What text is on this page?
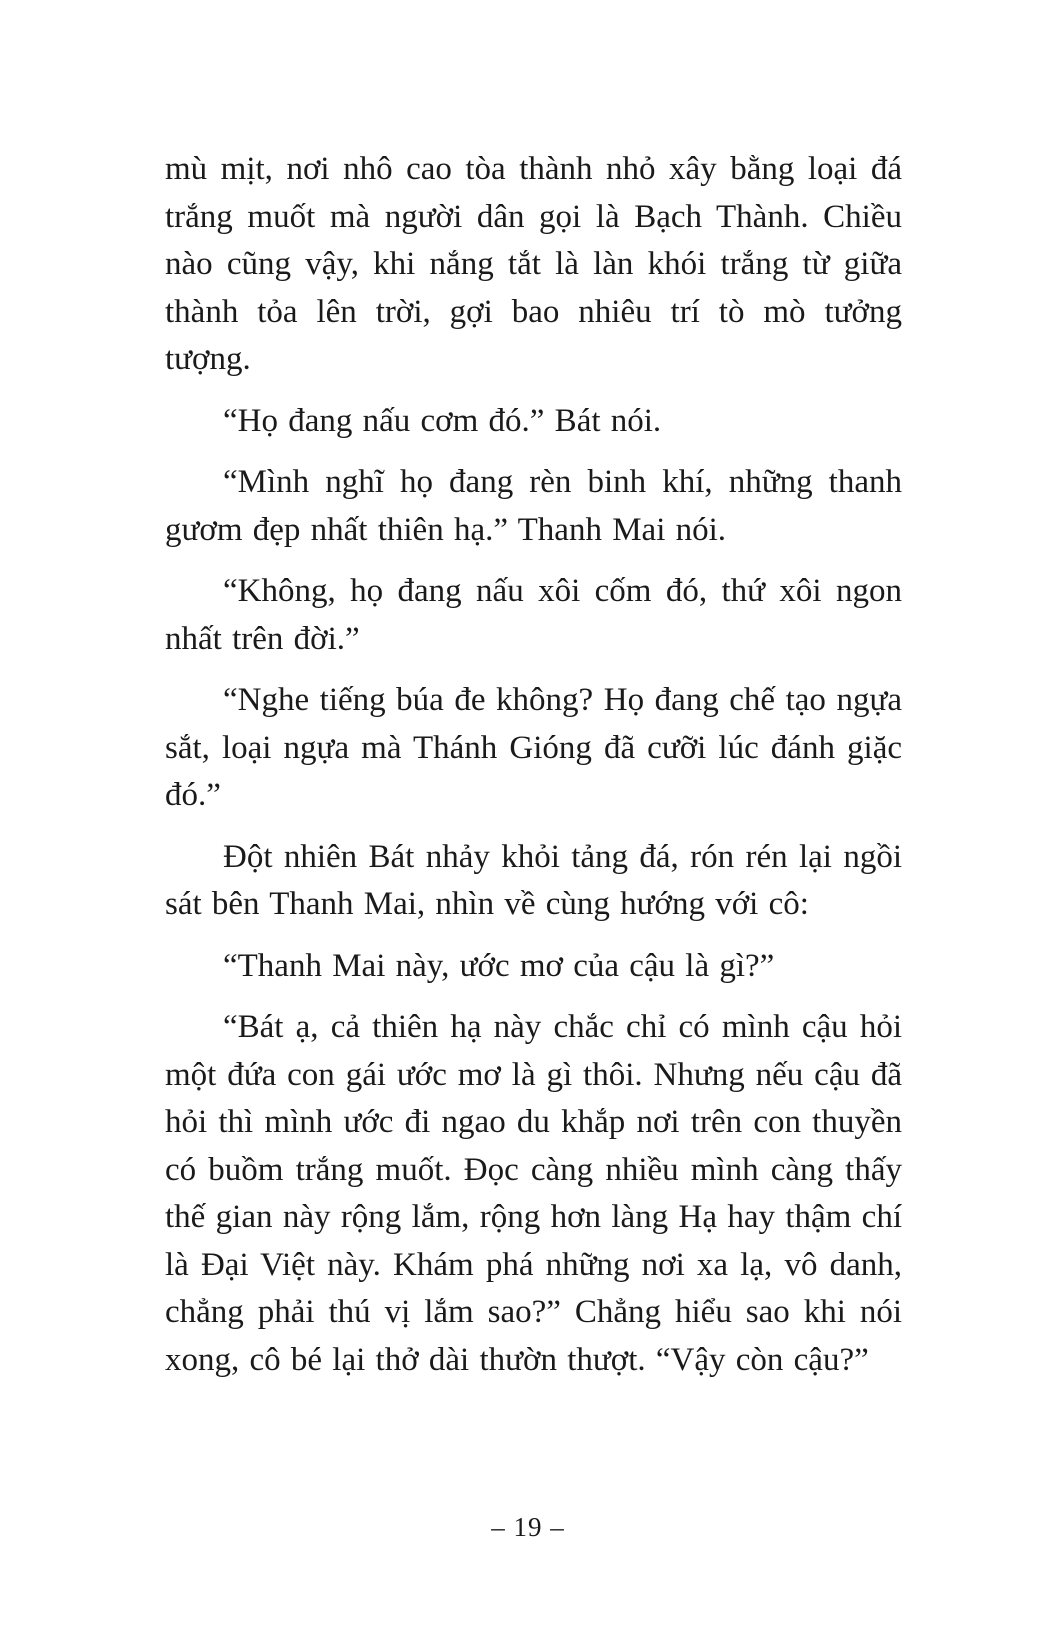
mù mịt, nơi nhô cao tòa thành nhỏ xây bằng loại đá trắng muốt mà người dân gọi là Bạch Thành. Chiều nào cũng vậy, khi nắng tắt là làn khói trắng từ giữa thành tỏa lên trời, gợi bao nhiêu trí tò mò tưởng tượng.

“Họ đang nấu cơm đó.” Bát nói.

“Mình nghĩ họ đang rèn binh khí, những thanh gươm đẹp nhất thiên hạ.” Thanh Mai nói.

“Không, họ đang nấu xôi cốm đó, thứ xôi ngon nhất trên đời.”

“Nghe tiếng búa đe không? Họ đang chế tạo ngựa sắt, loại ngựa mà Thánh Gióng đã cưỡi lúc đánh giặc đó.”

Đột nhiên Bát nhảy khỏi tảng đá, rón rén lại ngồi sát bên Thanh Mai, nhìn về cùng hướng với cô:

“Thanh Mai này, ước mơ của cậu là gì?”

“Bát ạ, cả thiên hạ này chắc chỉ có mình cậu hỏi một đứa con gái ước mơ là gì thôi. Nhưng nếu cậu đã hỏi thì mình ước đi ngao du khắp nơi trên con thuyền có buồm trắng muốt. Đọc càng nhiều mình càng thấy thế gian này rộng lắm, rộng hơn làng Hạ hay thậm chí là Đại Việt này. Khám phá những nơi xa lạ, vô danh, chẳng phải thú vị lắm sao?” Chẳng hiểu sao khi nói xong, cô bé lại thở dài thườn thượt. “Vậy còn cậu?”

– 19 –
